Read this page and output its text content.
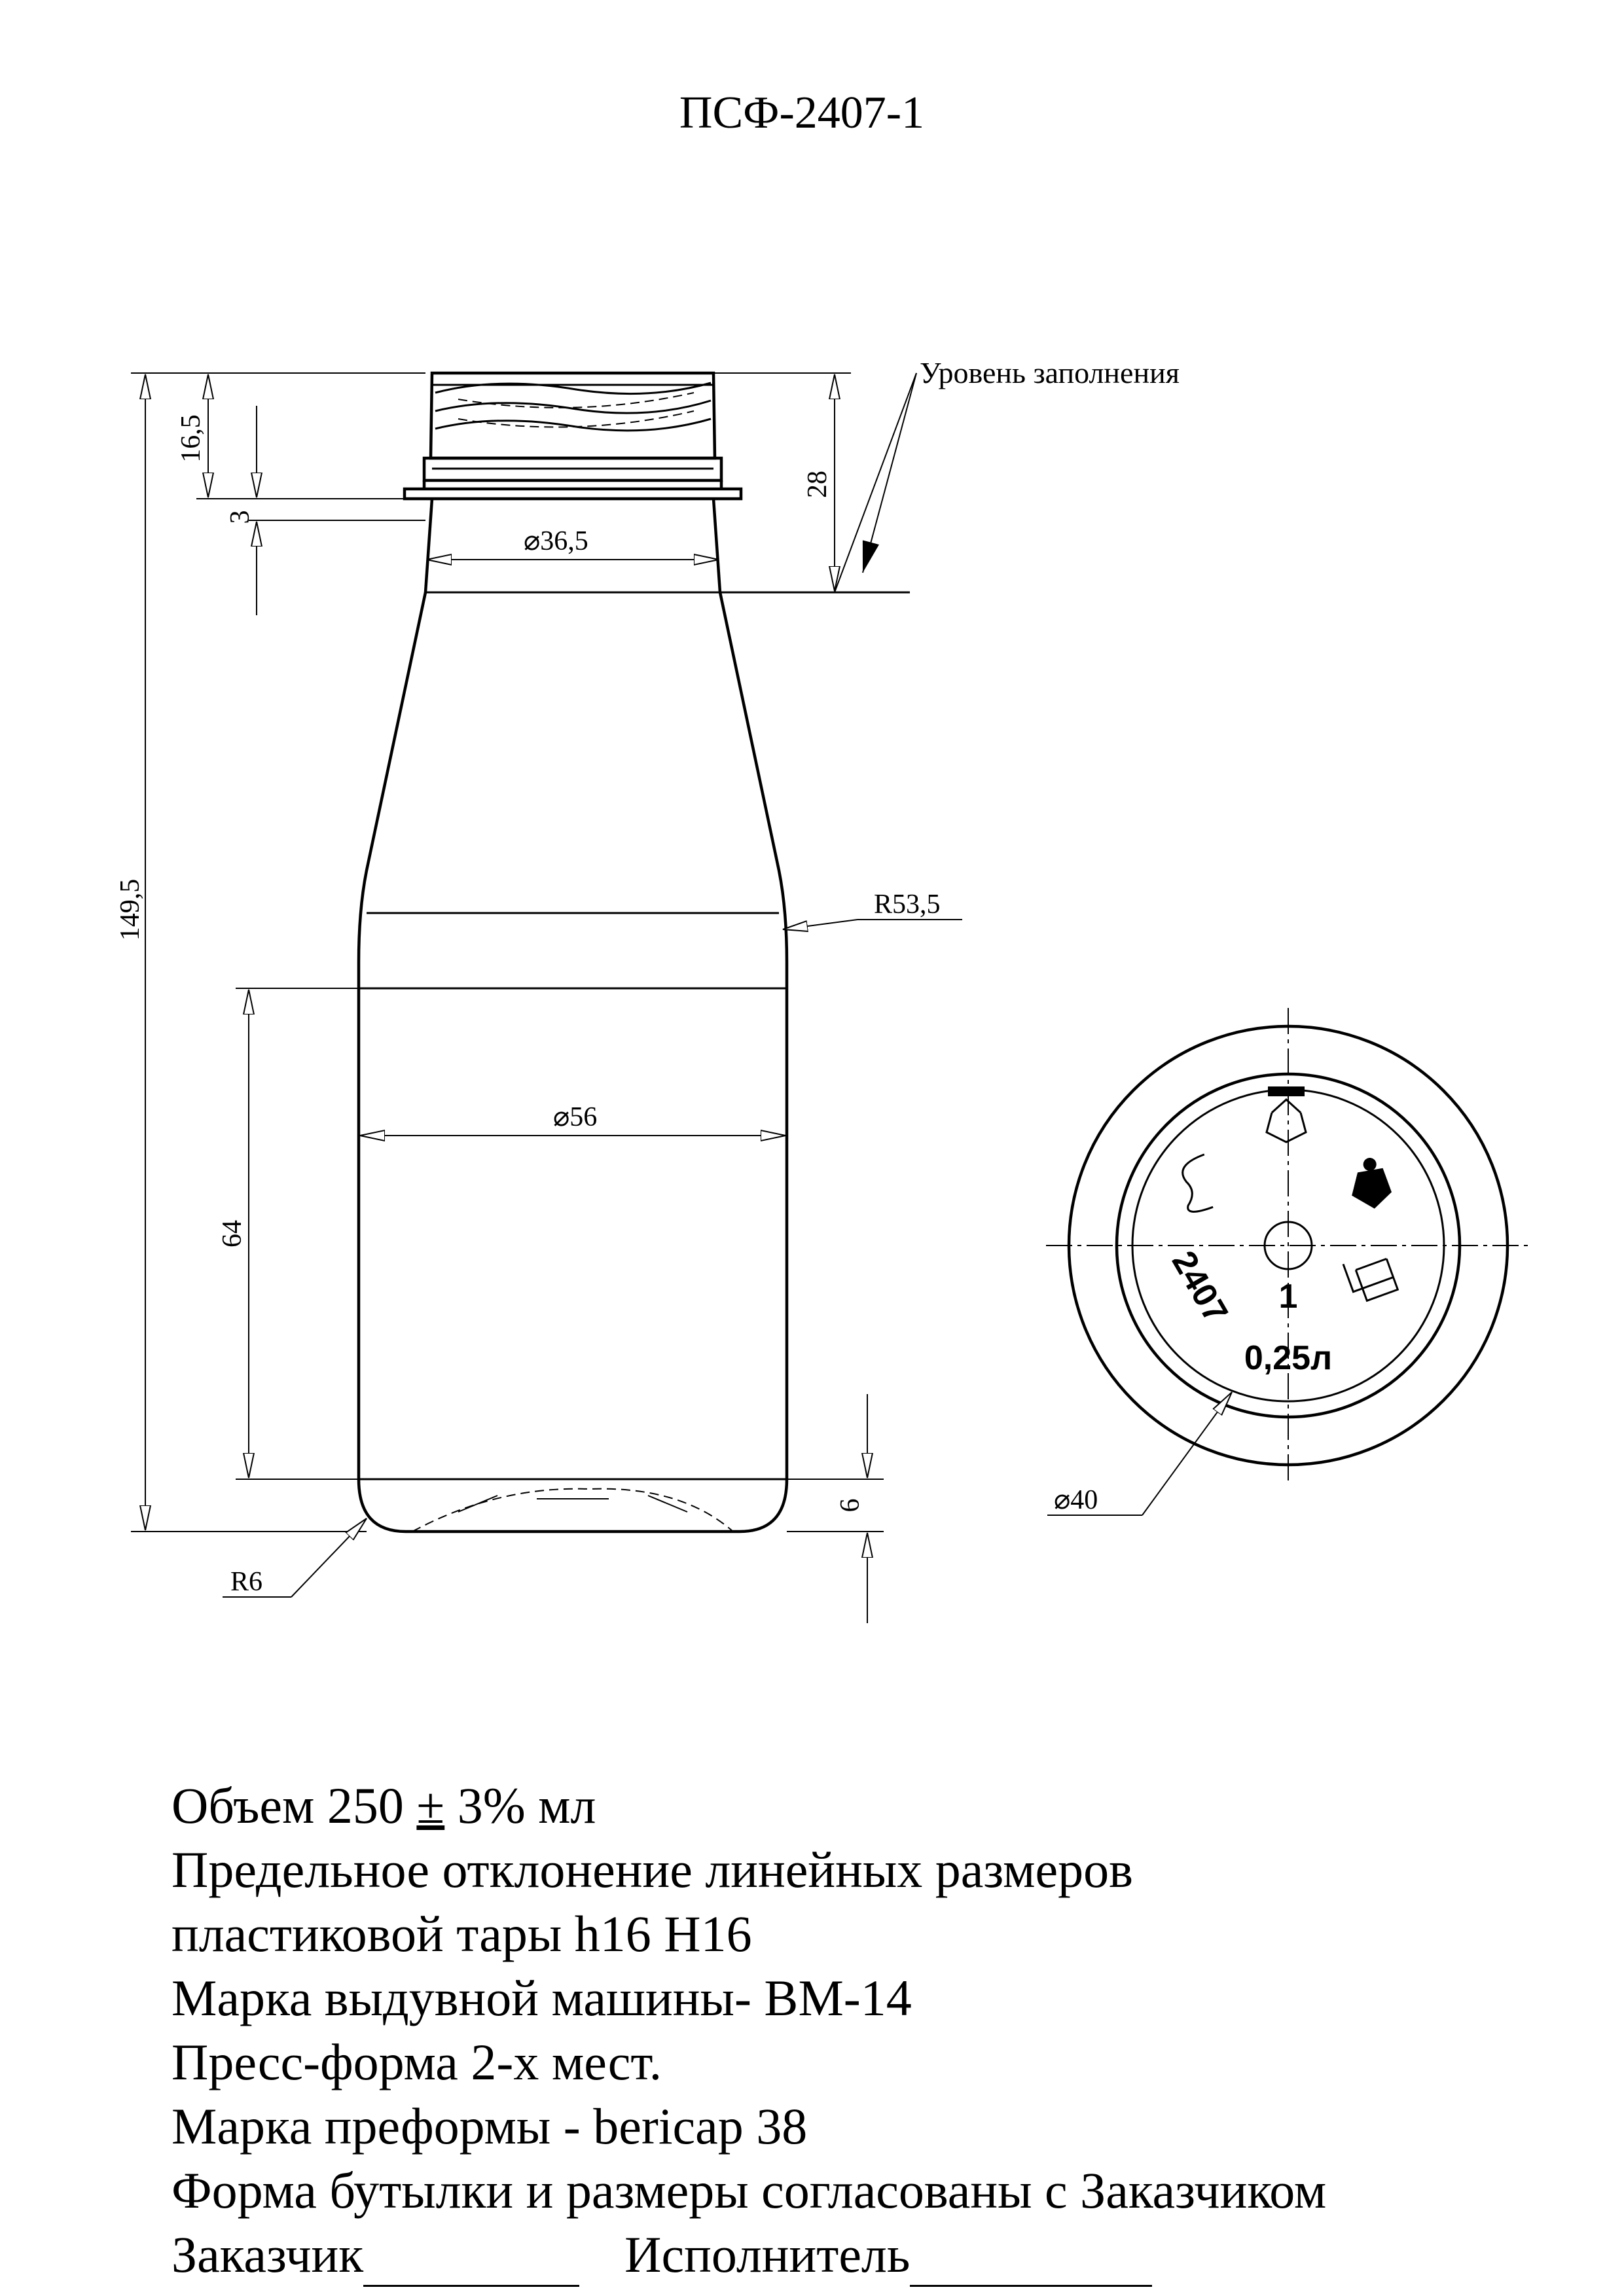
ПСФ-2407-1
Уровень заполнения
149,5
16,5
3
28
⌀36,5
R53,5
⌀56
64
6
R6
2407 1
0,25л
⌀40
Объем 250 ± 3% мл
Предельное отклонение линейных размеров
пластиковой тары h16 H16
Марка выдувной машины- ВМ-14
Пресс-форма 2-х мест.
Марка преформы - bericap 38
Форма бутылки и размеры согласованы с Заказчиком
Заказчик	Исполнитель
